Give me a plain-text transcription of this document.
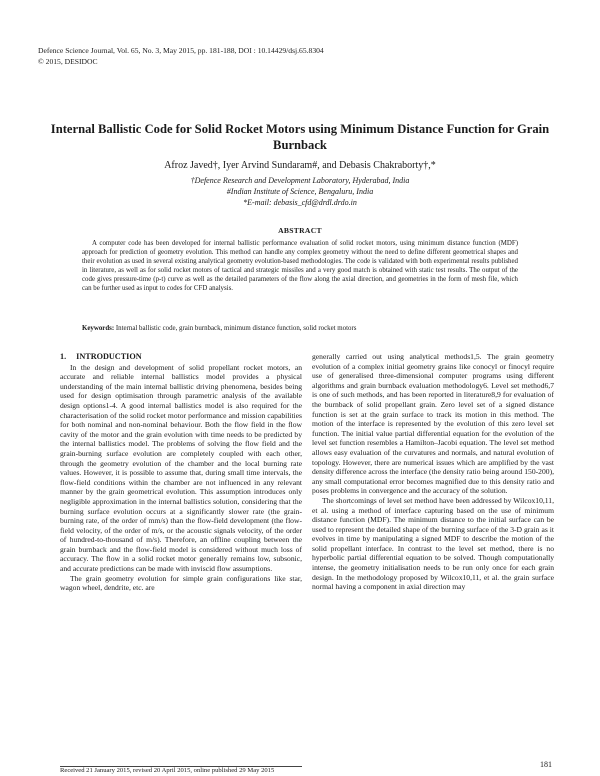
Defence Science Journal, Vol. 65, No. 3, May 2015, pp. 181-188, DOI : 10.14429/dsj.65.8304
© 2015, DESIDOC
Internal Ballistic Code for Solid Rocket Motors using Minimum Distance Function for Grain Burnback
Afroz Javed†, Iyer Arvind Sundaram#, and Debasis Chakraborty†,*
†Defence Research and Development Laboratory, Hyderabad, India
#Indian Institute of Science, Bengaluru, India
*E-mail: debasis_cfd@drdl.drdo.in
ABSTRACT

A computer code has been developed for internal ballistic performance evaluation of solid rocket motors, using minimum distance function (MDF) approach for prediction of geometry evolution. This method can handle any complex geometry without the need to define different geometrical shapes and their evolution as used in several existing analytical geometry evolution-based methodologies. The code is validated with both experimental results published in literature, as well as for solid rocket motors of tactical and strategic missiles and a very good match is obtained with static test results. The output of the code gives pressure-time (p-t) curve as well as the detailed parameters of the flow along the axial direction, and geometries in the form of mesh file, which can be further used as input to codes for CFD analysis.

Keywords: Internal ballistic code, grain burnback, minimum distance function, solid rocket motors
1. INTRODUCTION

In the design and development of solid propellant rocket motors, an accurate and reliable internal ballistics model provides a physical understanding of the main internal ballistic driving phenomena, besides being used for design optimisation through parametric analysis of the available design options1-4. A good internal ballistics model is also required for the characterisation of the solid rocket motor performance and mission capabilities for both nominal and non-nominal behaviour. Both the flow field in the flow cavity of the motor and the grain evolution with time needs to be predicted by the internal ballistics model. The problems of solving the flow field and the grain-burning surface evolution are completely coupled with each other, through the geometry evolution of the chamber and the local burning rate values. However, it is possible to assume that, during small time intervals, the flow-field conditions within the chamber are not influenced in any relevant manner by the grain geometrical evolution. This assumption introduces only negligible approximation in the internal ballistics solution, considering that the burning surface evolution occurs at a significantly slower rate (the grain-burning rate, of the order of mm/s) than the flow-field development (the flow-field velocity, of the order of m/s, or the acoustic signals velocity, of the order of hundred-to-thousand of m/s). Therefore, an offline coupling between the grain burnback and the flow-field model is considered without much loss of accuracy. The flow in a solid rocket motor generally remains low, subsonic, and accurate predictions can be made with inviscid flow assumptions.

The grain geometry evolution for simple grain configurations like star, wagon wheel, dendrite, etc. are

generally carried out using analytical methods1,5. The grain geometry evolution of a complex initial geometry grains like conocyl or finocyl require use of generalised three-dimensional computer programs using different algorithms and grain burnback evaluation methodology6. Level set method6,7 is one of such methods, and has been reported in literature8,9 for evaluation of the burnback of solid propellant grain. Zero level set of a signed distance function is set at the grain surface to track its motion in this method. The motion of the interface is represented by the evolution of this zero level set function. The initial value partial differential equation for the evolution of the level set function resembles a Hamilton–Jacobi equation. The level set method allows easy evaluation of the curvatures and normals, and natural evolution of topology. However, there are numerical issues which are amplified by the vast density difference across the interface (the density ratio being around 150-200), any small computational error becomes magnified due to this density ratio and poses problems in convergence and the accuracy of the solution.

The shortcomings of level set method have been addressed by Wilcox10,11, et al. using a method of interface capturing based on the use of minimum distance function (MDF). The minimum distance to the initial surface can be used to represent the detailed shape of the burning surface of the 3-D grain as it evolves in time by manipulating a signed MDF to describe the motion of the solid propellant interface. In contrast to the level set method, there is no hyperbolic partial differential equation to be solved. Though computationally intense, the geometry initialisation needs to be run only once for each grain design. In the methodology proposed by Wilcox10,11, et al. the grain surface normal having a component in axial direction may

Received 21 January 2015, revised 20 April 2015, online published 29 May 2015
181
